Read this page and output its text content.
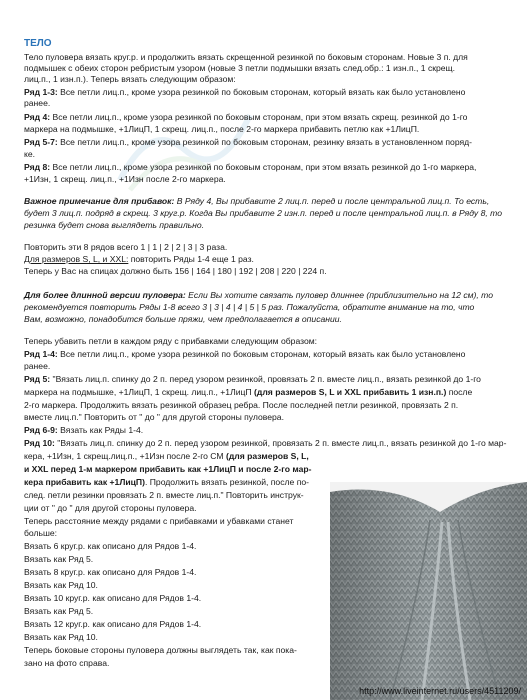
ТЕЛО
Тело пуловера вязать круг.р. и продолжить вязать скрещенной резинкой по боковым сторонам. Новые 3 п. для
подмышек с обеих сторон ребристым узором (новые 3 петли подмышки вязать след.обр.: 1 изн.п., 1 скрещ.
лиц.п., 1 изн.п.). Теперь вязать следующим образом:
Ряд 1-3: Все петли лиц.п., кроме узора резинкой по боковым сторонам, который вязать как было установлено
ранее.
Ряд 4: Все петли лиц.п., кроме узора резинкой по боковым сторонам, при этом вязать скрещ. резинкой до 1-го
маркера на подмышке, +1ЛицП, 1 скрещ. лиц.п., после 2-го маркера прибавить петлю как +1ЛицП.
Ряд 5-7: Все петли лиц.п., кроме узора резинкой по боковым сторонам, резинку вязать в установленном поряд-
ке.
Ряд 8: Все петли лиц.п., кроме узора резинкой по боковым сторонам, при этом вязать резинкой до 1-го маркера,
+1Изн, 1 скрещ. лиц.п., +1Изн после 2-го маркера.
Важное примечание для прибавок: В Ряду 4, Вы прибавите 2 лиц.п. перед и после центральной лиц.п. То есть,
будет 3 лиц.п. подряд в скрещ. 3 круг.р. Когда Вы прибавите 2 изн.п. перед и после центральной лиц.п. в Ряду 8, то
резинка будет снова выглядеть правильно.
Повторить эти 8 рядов всего 1 | 1 | 2 | 2 | 3 | 3 раза.
Для размеров S, L, и XXL: повторить Ряды 1-4 еще 1 раз.
Теперь у Вас на спицах должно быть 156 | 164 | 180 | 192 | 208 | 220 | 224 п.
Для более длинной версии пуловера: Если Вы хотите связать пуловер длиннее (приблизительно на 12 см), то
рекомендуется повторить Ряды 1-8 всего 3 | 3 | 4 | 4 | 5 | 5 раз. Пожалуйста, обратите внимание на то, что
Вам, возможно, понадобится больше пряжи, чем предполагается в описании.
Теперь убавить петли в каждом ряду с прибавками следующим образом:
Ряд 1-4: Все петли лиц.п., кроме узора резинкой по боковым сторонам, который вязать как было установлено
ранее.
Ряд 5: "Вязать лиц.п. спинку до 2 п. перед узором резинкой, провязать 2 п. вместе лиц.п., вязать резинкой до 1-го
маркера на подмышке, +1ЛицП, 1 скрещ. лиц.п., +1ЛицП (для размеров S, L и XXL прибавить 1 изн.п.) после
2-го маркера. Продолжить вязать резинкой образец ребра. После последней петли резинкой, провязать 2 п.
вместе лиц.п." Повторить от " до " для другой стороны пуловера.
Ряд 6-9: Вязать как Ряды 1-4.
Ряд 10: "Вязать лиц.п. спинку до 2 п. перед узором резинкой, провязать 2 п. вместе лиц.п., вязать резинкой до 1-го мар-
кера, +1Изн, 1 скрещ.лиц.п., +1Изн после 2-го СМ (для размеров S, L,
и XXL перед 1-м маркером прибавить как +1ЛицП и после 2-го мар-
кера прибавить как +1ЛицП). Продолжить вязать резинкой, после по-
след. петли резинки провязать 2 п. вместе лиц.п." Повторить инструк-
ции от " до " для другой стороны пуловера.
Теперь расстояние между рядами с прибавками и убавками станет
больше:
Вязать 6 круг.р. как описано для Рядов 1-4.
Вязать как Ряд 5.
Вязать 8 круг.р. как описано для Рядов 1-4.
Вязать как Ряд 10.
Вязать 10 круг.р. как описано для Рядов 1-4.
Вязать как Ряд 5.
Вязать 12 круг.р. как описано для Рядов 1-4.
Вязать как Ряд 10.
Теперь боковые стороны пуловера должны выглядеть так, как пока-
зано на фото справа.
http://www.liveinternet.ru/users/4511209/
